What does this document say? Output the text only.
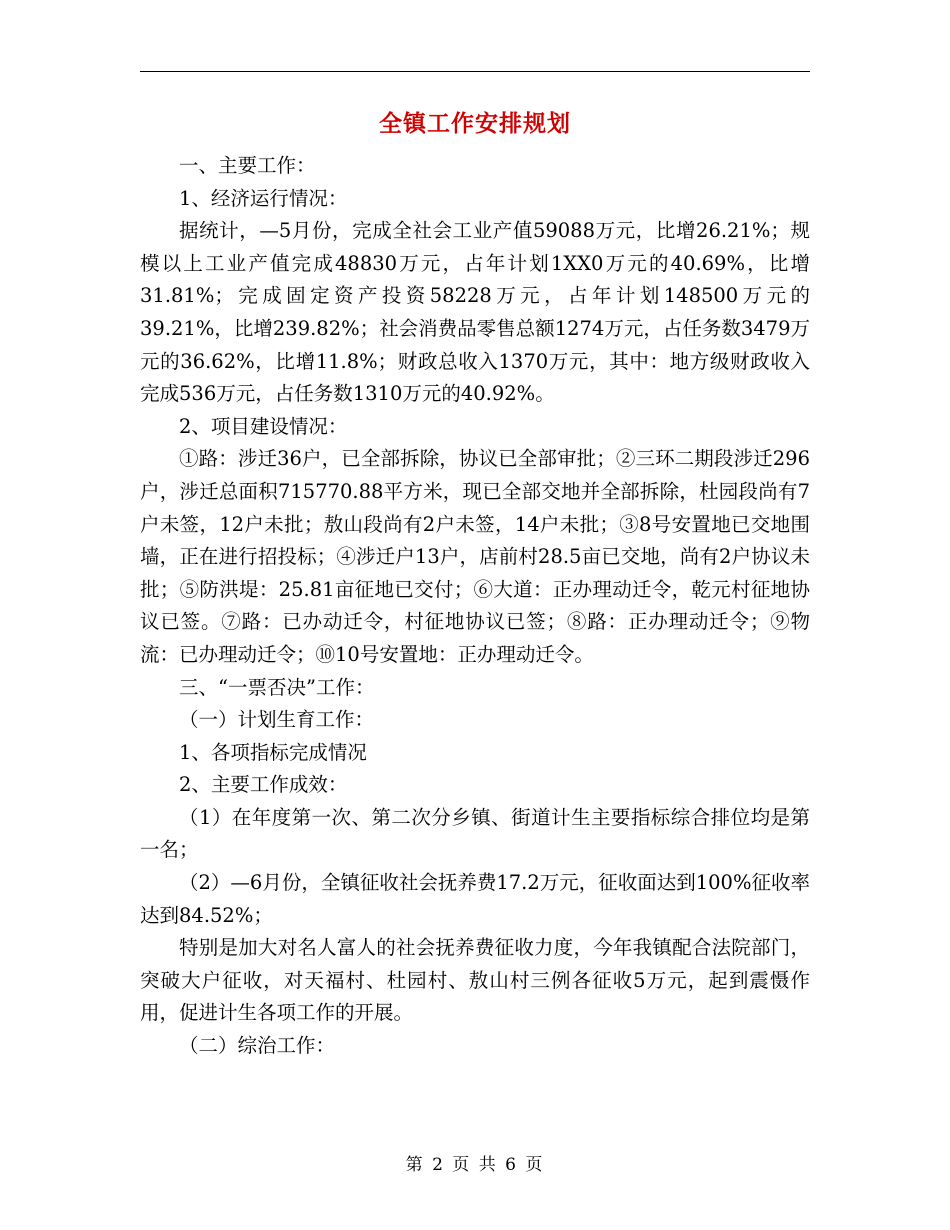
全镇工作安排规划

一、主要工作：

1、经济运行情况：

据统计，—5月份，完成全社会工业产值59088万元，比增26.21%；规模以上工业产值完成48830万元，占年计划1XX0万元的40.69%，比增31.81%；完成固定资产投资58228万元，占年计划148500万元的39.21%，比增239.82%；社会消费品零售总额1274万元，占任务数3479万元的36.62%，比增11.8%；财政总收入1370万元，其中：地方级财政收入完成536万元，占任务数1310万元的40.92%。

2、项目建设情况：

①路：涉迁36户，已全部拆除，协议已全部审批；②三环二期段涉迁296户，涉迁总面积715770.88平方米，现已全部交地并全部拆除，杜园段尚有7户未签，12户未批；敖山段尚有2户未签，14户未批；③8号安置地已交地围墙，正在进行招投标；④涉迁户13户，店前村28.5亩已交地，尚有2户协议未批；⑤防洪堤：25.81亩征地已交付；⑥大道：正办理动迁令，乾元村征地协议已签。⑦路：已办动迁令，村征地协议已签；⑧路：正办理动迁令；⑨物流：已办理动迁令；⑩10号安置地：正办理动迁令。

三、“一票否决”工作：

（一）计划生育工作：

1、各项指标完成情况

2、主要工作成效：

（1）在年度第一次、第二次分乡镇、街道计生主要指标综合排位均是第一名；

（2）—6月份，全镇征收社会抚养费17.2万元，征收面达到100%征收率达到84.52%；

特别是加大对名人富人的社会抚养费征收力度，今年我镇配合法院部门，突破大户征收，对天福村、杜园村、敖山村三例各征收5万元，起到震慑作用，促进计生各项工作的开展。

（二）综治工作：

第 2 页 共 6 页
